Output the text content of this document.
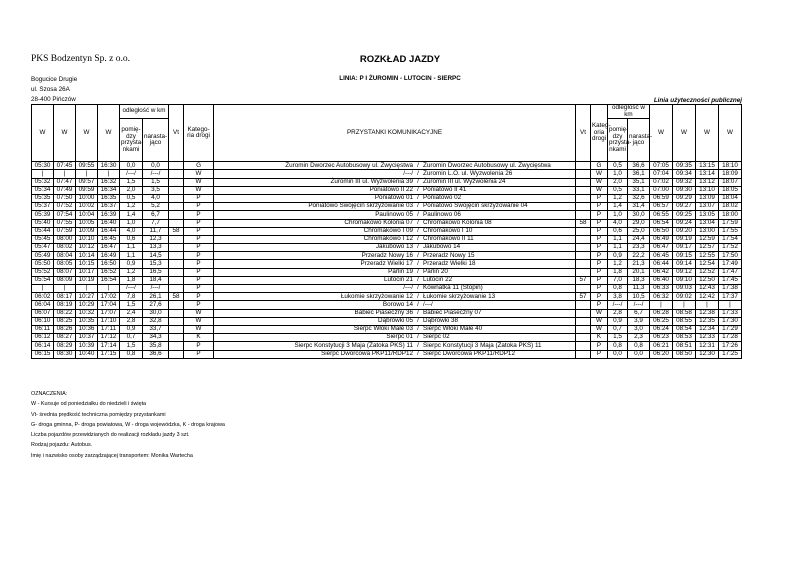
PKS Bodzentyn Sp. z o.o.
Bogucice Drugie
ul. Szosa 26A
28-400 Pińczów
ROZKŁAD JAZDY
LINIA: P I ŻUROMIN - LUTOCIN - SIERPC
Linia użyteczności publicznej
W	W	W	W	odległość w km		Vt	Katego-ria drogi	PRZYSTANKI KOMUNIKACYJNE	Vt	Kateg-oria drogi	odległość w km		W	W	W	W
				pomię-dzy przysta-nkami	narasta-jąco						pomię-dzy przysta-nkami	narasta-jąco				
05:30	07:45	09:55	16:30	0,0	0,0		G	Żuromin Dworzec Autobusowy ul. Zwycięstwa / Żuromin Dworzec Autobusowy ul. Zwycięstwa		G	0,5	36,6	07:05	09:35	13:15	18:10
|	|	|	|	/---/	/---/		W	/---/ / Żuromin L.O. ul. Wyzwolenia 26		W	1,0	36,1	07:04	09:34	13:14	18:09
05:32	07:47	09:57	16:32	1,5	1,5		W	Żuromin III ul. Wyzwolenia 39 / Żuromin III ul. Wyzwolenia 24		W	2,0	35,1	07:02	09:32	13:12	18:07
05:34	07:49	09:59	16:34	2,0	3,5		W	Poniatowo II 22 / Poniatowo II 41		W	0,5	33,1	07:00	09:30	13:10	18:05
05:35	07:50	10:00	16:35	0,5	4,0		P	Poniatowo 01 / Poniatowo 02		P	1,2	32,6	06:59	09:29	13:09	18:04
05:37	07:52	10:02	16:37	1,2	5,2		P	Poniatowo Swojęcin skrzyżowanie 03 / Poniatowo Swojęcin skrzyżowanie 04		P	1,4	31,4	06:57	09:27	13:07	18:02
05:39	07:54	10:04	16:39	1,4	6,7		P	Paulinowo 05 / Paulinowo 06		P	1,0	30,0	06:55	09:25	13:05	18:00
05:40	07:55	10:05	16:40	1,0	7,7		P	Chromakowo Kolonia 07 / Chromakowo Kolonia 08	58	P	4,0	29,0	06:54	09:24	13:04	17:59
05:44	07:59	10:09	16:44	4,0	11,7	58	P	Chromakowo I 09 / Chromakowo I 10		P	0,6	25,0	06:50	09:20	13:00	17:55
05:45	08:00	10:10	16:45	0,6	12,3		P	Chromakowo I 12 / Chromakowo II 11		P	1,1	24,4	06:49	09:19	12:59	17:54
05:47	08:02	10:12	16:47	1,1	13,3		P	Jakubowo 13 / Jakubowo 14		P	1,1	23,3	06:47	09:17	12:57	17:52
05:49	08:04	10:14	16:49	1,1	14,5		P	Przeradz Nowy 16 / Przeradz Nowy 15		P	0,9	22,2	06:45	09:15	12:55	17:50
05:50	08:05	10:15	16:50	0,9	15,3		P	Przeradz Wielki 17 / Przeradz Wielki 18		P	1,2	21,3	06:44	09:14	12:54	17:49
05:52	08:07	10:17	16:52	1,2	16,5		P	Parlin 19 / Parlin 20		P	1,8	20,1	06:42	09:12	12:52	17:47
05:54	08:09	10:19	16:54	1,8	18,4		P	Lutocin 21 / Lutocin 22	57	P	7,0	18,3	06:40	09:10	12:50	17:45
|	|	|	|	/---/	/---/		P	/---/ / Kownatka 11 (Stopin)		P	0,8	11,3	06:33	09:03	12:43	17:38
06:02	08:17	10:27	17:02	7,8	26,1	58	P	Łukomie skrzyżowanie 12 / Łukomie skrzyżowanie 13	57	P	3,8	10,5	06:32	09:02	12:42	17:37
06:04	08:19	10:29	17:04	1,5	27,6		P	Borowo 14 / /---/		P	/---/	/---/	|	|	|	|
06:07	08:22	10:32	17:07	2,4	30,0		W	Babiec Piaseczny 36 / Babiec Piaseczny 07		W	2,8	6,7	06:28	08:58	12:38	17:33
06:10	08:25	10:35	17:10	2,8	32,8		W	Dąbrówki 05 / Dąbrówki 38		W	0,9	3,9	06:25	08:55	12:35	17:30
06:11	08:26	10:36	17:11	0,9	33,7		W	Sierpc Włóki Małe 03 / Sierpc Włóki Małe 40		W	0,7	3,0	06:24	08:54	12:34	17:29
06:12	08:27	10:37	17:12	0,7	34,3		K	Sierpc 01 / Sierpc 02		K	1,5	2,3	06:23	08:53	12:33	17:28
06:14	08:29	10:39	17:14	1,5	35,8		P	Sierpc Konstytucji 3 Maja (Zatoka PKS) 11 / Sierpc Konstytucji 3 Maja (Zatoka PKS) 11		P	0,8	0,8	06:21	08:51	12:31	17:26
06:15	08:30	10:40	17:15	0,8	36,6		P	Sierpc Dworcowa PKP11/RDP12 / Sierpc Dworcowa PKP11/RDP12		P	0,0	0,0	06:20	08:50	12:30	17:25
OZNACZENIA:
W - Kursuje od poniedziałku do niedzieli i święta
Vt- średnia prędkość techniczna pomiędzy przystankami
G- droga gminna, P- droga powiatowa, W - droga wojewódzka, K - droga krajowa
Liczba pojazdów przewidzianych do realizacji rozkładu jazdy 3 szt.
Rodzaj pojazdu: Autobus.
Imię i nazwisko osoby zarządzającej transportem: Monika Wartecha
